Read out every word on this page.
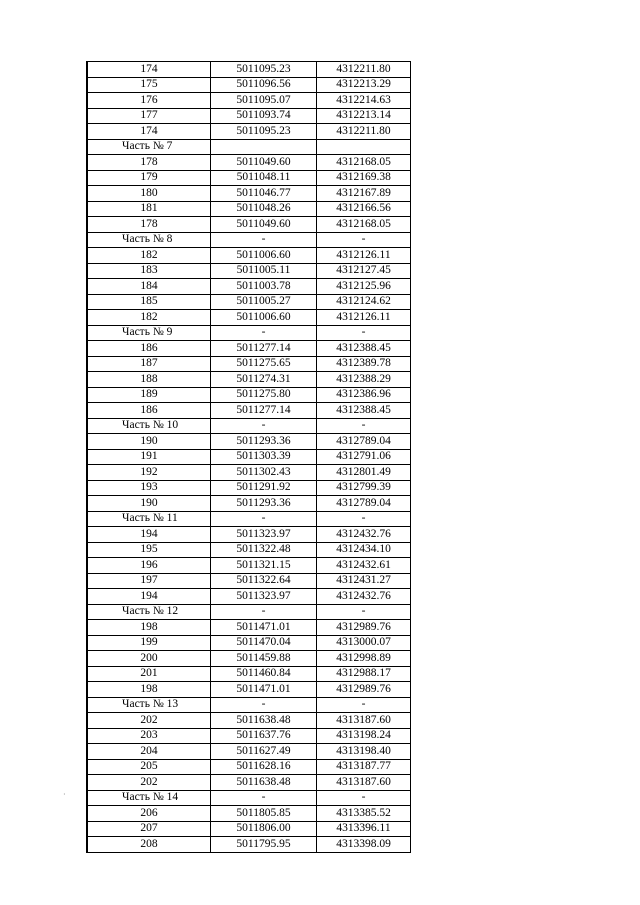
174	5011095.23	4312211.80
175	5011096.56	4312213.29
176	5011095.07	4312214.63
177	5011093.74	4312213.14
174	5011095.23	4312211.80
Часть № 7		
178	5011049.60	4312168.05
179	5011048.11	4312169.38
180	5011046.77	4312167.89
181	5011048.26	4312166.56
178	5011049.60	4312168.05
Часть № 8	-	-
182	5011006.60	4312126.11
183	5011005.11	4312127.45
184	5011003.78	4312125.96
185	5011005.27	4312124.62
182	5011006.60	4312126.11
Часть № 9	-	-
186	5011277.14	4312388.45
187	5011275.65	4312389.78
188	5011274.31	4312388.29
189	5011275.80	4312386.96
186	5011277.14	4312388.45
Часть № 10	-	-
190	5011293.36	4312789.04
191	5011303.39	4312791.06
192	5011302.43	4312801.49
193	5011291.92	4312799.39
190	5011293.36	4312789.04
Часть № 11	-	-
194	5011323.97	4312432.76
195	5011322.48	4312434.10
196	5011321.15	4312432.61
197	5011322.64	4312431.27
194	5011323.97	4312432.76
Часть № 12	-	-
198	5011471.01	4312989.76
199	5011470.04	4313000.07
200	5011459.88	4312998.89
201	5011460.84	4312988.17
198	5011471.01	4312989.76
Часть № 13	-	-
202	5011638.48	4313187.60
203	5011637.76	4313198.24
204	5011627.49	4313198.40
205	5011628.16	4313187.77
202	5011638.48	4313187.60
Часть № 14	-	-
206	5011805.85	4313385.52
207	5011806.00	4313396.11
208	5011795.95	4313398.09
·
